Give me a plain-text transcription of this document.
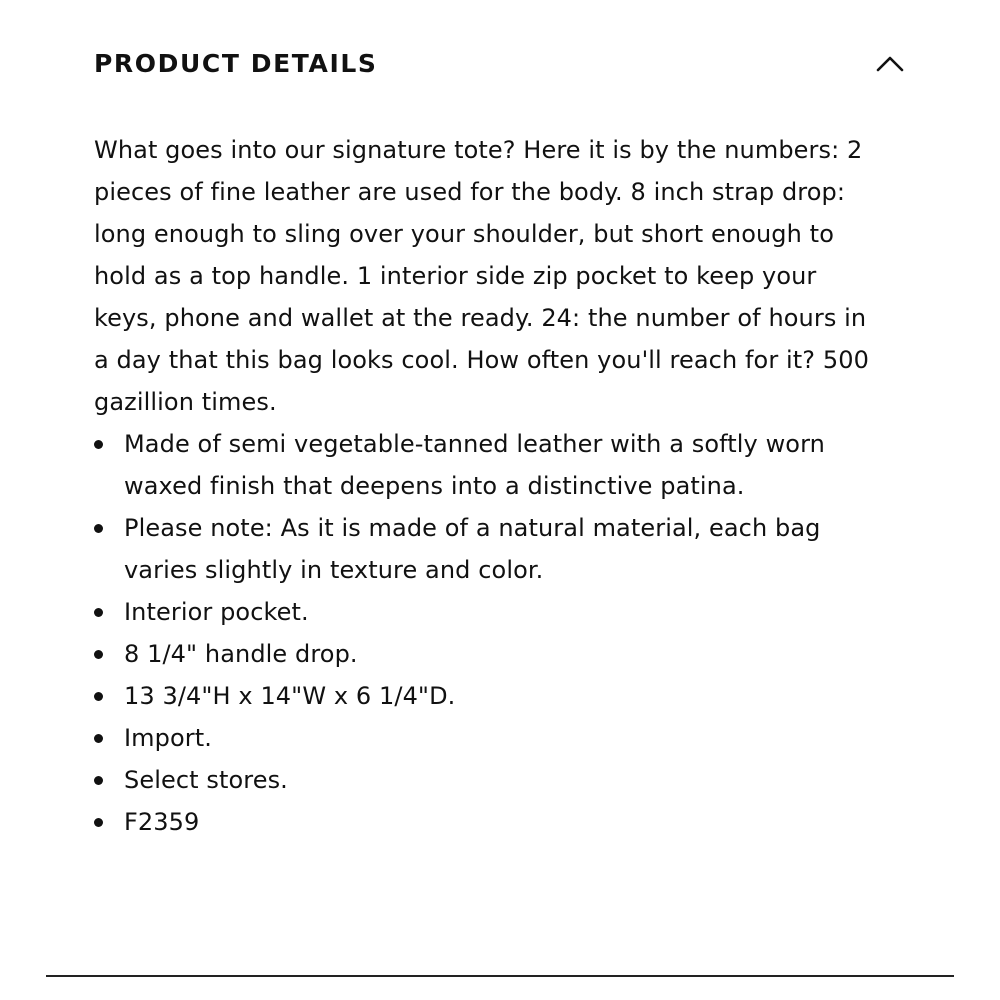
PRODUCT DETAILS

What goes into our signature tote? Here it is by the numbers: 2 pieces of fine leather are used for the body. 8 inch strap drop: long enough to sling over your shoulder, but short enough to hold as a top handle. 1 interior side zip pocket to keep your keys, phone and wallet at the ready. 24: the number of hours in a day that this bag looks cool. How often you'll reach for it? 500 gazillion times.

Made of semi vegetable-tanned leather with a softly worn waxed finish that deepens into a distinctive patina.
Please note: As it is made of a natural material, each bag varies slightly in texture and color.
Interior pocket.
8 1/4" handle drop.
13 3/4"H x 14"W x 6 1/4"D.
Import.
Select stores.
F2359
